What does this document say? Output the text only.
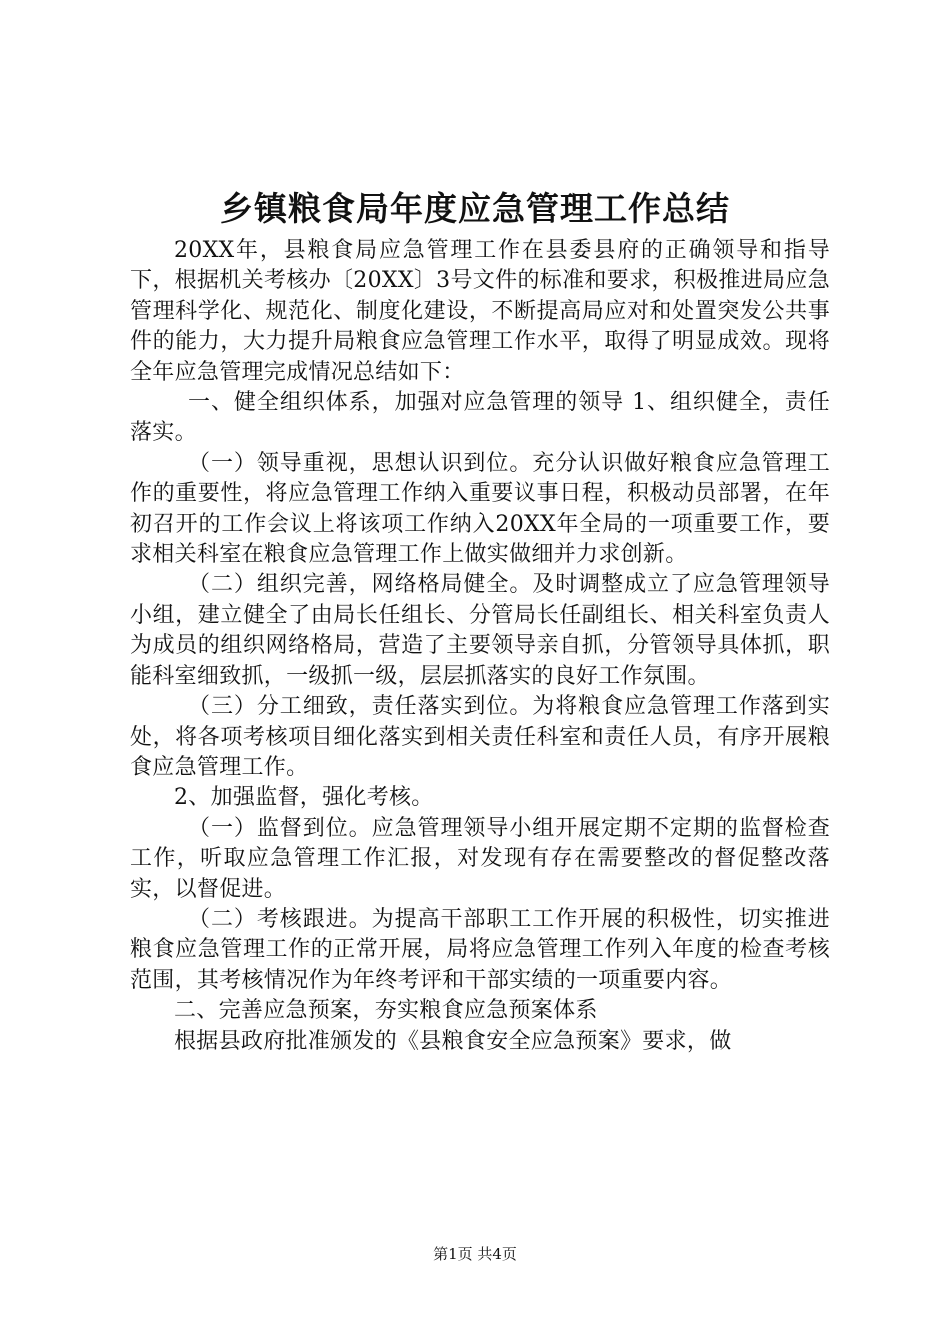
乡镇粮食局年度应急管理工作总结

20XX年，县粮食局应急管理工作在县委县府的正确领导和指导下，根据机关考核办〔20XX〕3号文件的标准和要求，积极推进局应急管理科学化、规范化、制度化建设，不断提高局应对和处置突发公共事件的能力，大力提升局粮食应急管理工作水平，取得了明显成效。现将全年应急管理完成情况总结如下：

一、健全组织体系，加强对应急管理的领导 1、组织健全，责任落实。

（一）领导重视，思想认识到位。充分认识做好粮食应急管理工作的重要性，将应急管理工作纳入重要议事日程，积极动员部署，在年初召开的工作会议上将该项工作纳入20XX年全局的一项重要工作，要求相关科室在粮食应急管理工作上做实做细并力求创新。

（二）组织完善，网络格局健全。及时调整成立了应急管理领导小组，建立健全了由局长任组长、分管局长任副组长、相关科室负责人为成员的组织网络格局，营造了主要领导亲自抓，分管领导具体抓，职能科室细致抓，一级抓一级，层层抓落实的良好工作氛围。

（三）分工细致，责任落实到位。为将粮食应急管理工作落到实处，将各项考核项目细化落实到相关责任科室和责任人员，有序开展粮食应急管理工作。

2、加强监督，强化考核。

（一）监督到位。应急管理领导小组开展定期不定期的监督检查工作，听取应急管理工作汇报，对发现有存在需要整改的督促整改落实，以督促进。

（二）考核跟进。为提高干部职工工作开展的积极性，切实推进粮食应急管理工作的正常开展，局将应急管理工作列入年度的检查考核范围，其考核情况作为年终考评和干部实绩的一项重要内容。

二、完善应急预案，夯实粮食应急预案体系

根据县政府批准颁发的《县粮食安全应急预案》要求，做

第1页 共4页
